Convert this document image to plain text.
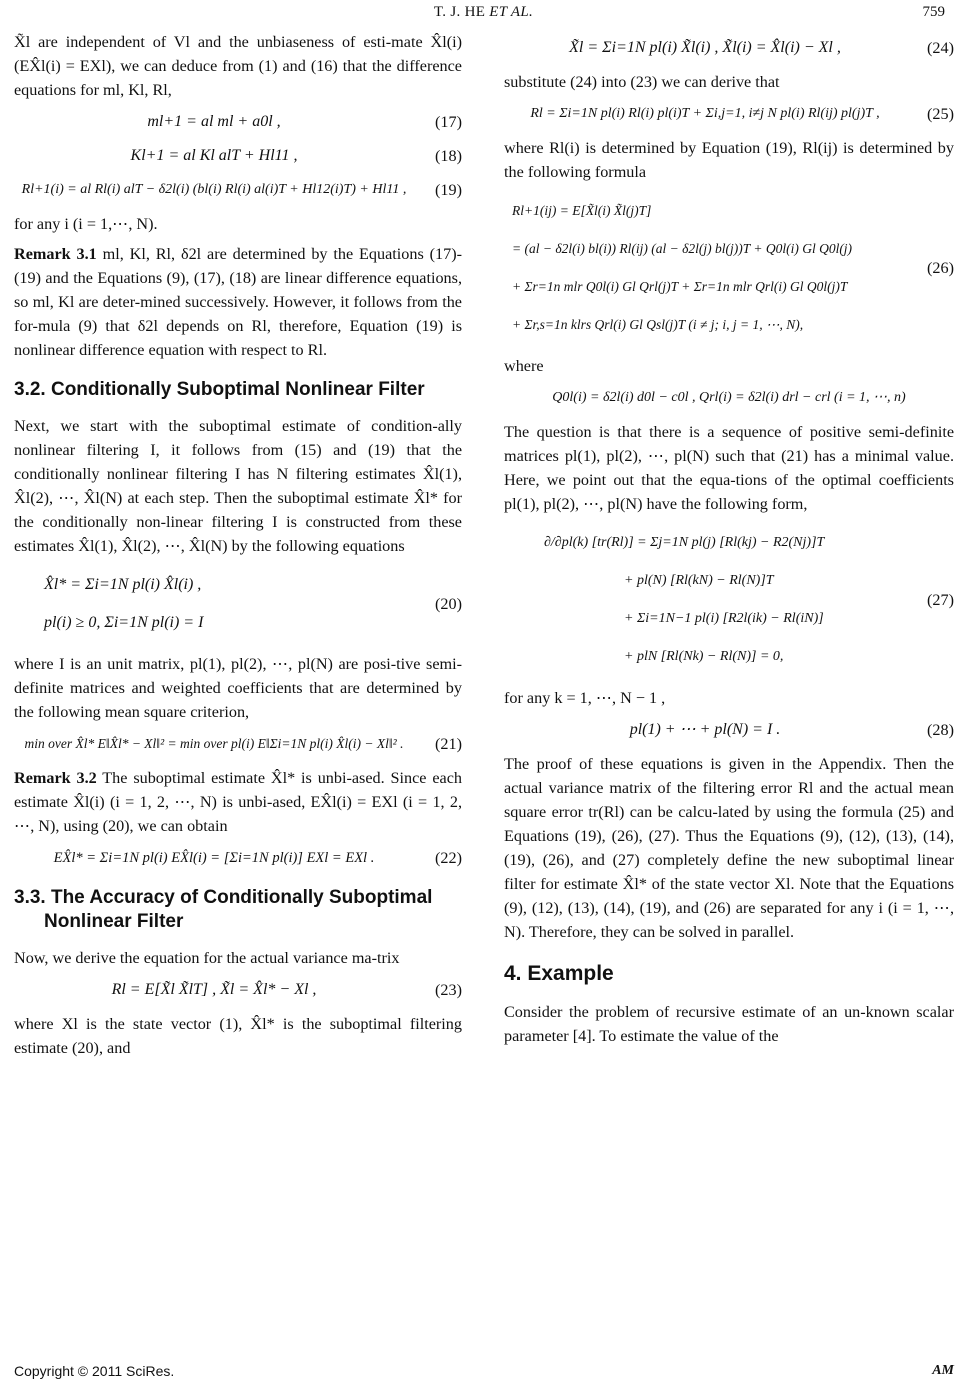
T. J. HE ET AL.	759

X̃l are independent of Vl and the unbiaseness of esti-mate X̂l(i)(EX̂l(i) = EXl), we can deduce from (1) and (16) that the difference equations for ml, Kl, Rl,

ml+1 = al ml + a0l ,	(17)
Kl+1 = al Kl alT + Hl11 ,	(18)
Rl+1(i) = al Rl(i) alT − δ2l(i) (bl(i) Rl(i) al(i)T + Hl12(i)T) + Hl11 ,	(19)

for any i (i = 1,⋯, N).

Remark 3.1 ml, Kl, Rl, δ2l are determined by the Equations (17)-(19) and the Equations (9), (17), (18) are linear difference equations, so ml, Kl are deter-mined successively. However, it follows from the for-mula (9) that δ2l depends on Rl, therefore, Equation (19) is nonlinear difference equation with respect to Rl.

3.2. Conditionally Suboptimal Nonlinear Filter

Next, we start with the suboptimal estimate of condition-ally nonlinear filtering I, it follows from (15) and (19) that the conditionally nonlinear filtering I has N filtering estimates X̂l(1), X̂l(2), ⋯, X̂l(N) at each step. Then the suboptimal estimate X̂l* for the conditionally non-linear filtering I is constructed from these estimates X̂l(1), X̂l(2), ⋯, X̂l(N) by the following equations

X̂l* = Σi=1N pl(i) X̂l(i) ,
pl(i) ≥ 0, Σi=1N pl(i) = I
(20)

where I is an unit matrix, pl(1), pl(2), ⋯, pl(N) are posi-tive semi-definite matrices and weighted coefficients that are determined by the following mean square criterion,

min over X̂l* E‖X̂l* − Xl‖² = min over pl(i) E‖Σi=1N pl(i) X̂l(i) − Xl‖² .	(21)

Remark 3.2 The suboptimal estimate X̂l* is unbi-ased. Since each estimate X̂l(i) (i = 1, 2, ⋯, N) is unbi-ased, EX̂l(i) = EXl (i = 1, 2, ⋯, N), using (20), we can obtain

EX̂l* = Σi=1N pl(i) EX̂l(i) = [Σi=1N pl(i)] EXl = EXl .	(22)
3.3. The Accuracy of Conditionally Suboptimal
Nonlinear Filter

Now, we derive the equation for the actual variance ma-trix

Rl = E[X̃l X̃lT] , X̃l = X̂l* − Xl ,	(23)

where Xl is the state vector (1), X̂l* is the suboptimal filtering estimate (20), and

X̃l = Σi=1N pl(i) X̃l(i) , X̃l(i) = X̂l(i) − Xl ,	(24)

substitute (24) into (23) we can derive that

Rl = Σi=1N pl(i) Rl(i) pl(i)T + Σi,j=1, i≠j N pl(i) Rl(ij) pl(j)T ,	(25)

where Rl(i) is determined by Equation (19), Rl(ij) is determined by the following formula

Rl+1(ij) = E[X̃l(i) X̃l(j)T]
= (al − δ2l(i) bl(i)) Rl(ij) (al − δ2l(j) bl(j))T + Q0l(i) Gl Q0l(j)
+ Σr=1n mlr Q0l(i) Gl Qrl(j)T + Σr=1n mlr Qrl(i) Gl Q0l(j)T
+ Σr,s=1n klrs Qrl(i) Gl Qsl(j)T (i ≠ j; i, j = 1, ⋯, N),
(26)

where

Q0l(i) = δ2l(i) d0l − c0l , Qrl(i) = δ2l(i) drl − crl (i = 1, ⋯, n)

The question is that there is a sequence of positive semi-definite matrices pl(1), pl(2), ⋯, pl(N) such that (21) has a minimal value. Here, we point out that the equa-tions of the optimal coefficients pl(1), pl(2), ⋯, pl(N) have the following form,

∂/∂pl(k) [tr(Rl)] = Σj=1N pl(j) [Rl(kj) − R2(Nj)]T
+ pl(N) [Rl(kN) − Rl(N)]T
+ Σi=1N−1 pl(i) [R2l(ik) − Rl(iN)]
+ plN [Rl(Nk) − Rl(N)] = 0,
(27)

for any k = 1, ⋯, N − 1 ,

pl(1) + ⋯ + pl(N) = I .	(28)

The proof of these equations is given in the Appendix. Then the actual variance matrix of the filtering error Rl and the actual mean square error tr(Rl) can be calcu-lated by using the formula (25) and Equations (19), (26), (27). Thus the Equations (9), (12), (13), (14), (19), (26), and (27) completely define the new suboptimal linear filter for estimate X̂l* of the state vector Xl. Note that the Equations (9), (12), (13), (14), (19), and (26) are separated for any i (i = 1, ⋯, N). Therefore, they can be solved in parallel.

4. Example

Consider the problem of recursive estimate of an un-known scalar parameter [4]. To estimate the value of the

Copyright © 2011 SciRes.	AM
